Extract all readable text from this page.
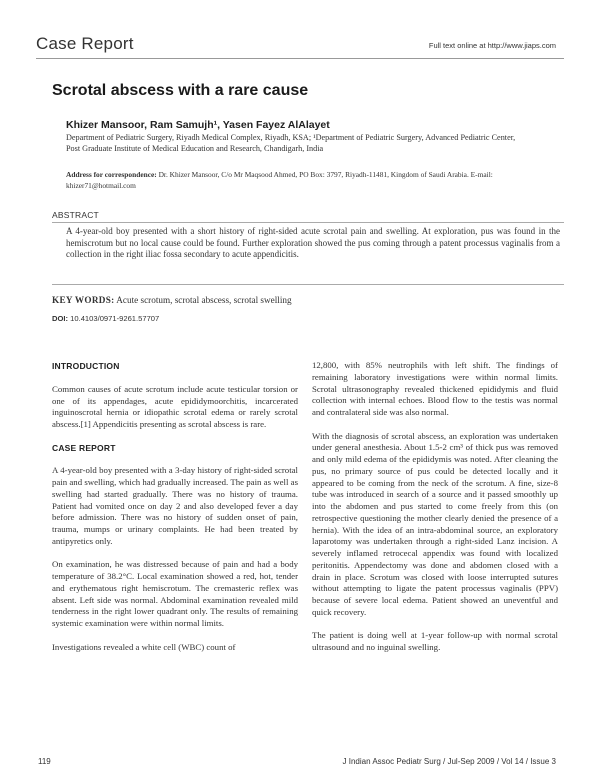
Case Report	Full text online at http://www.jiaps.com
Scrotal abscess with a rare cause
Khizer Mansoor, Ram Samujh¹, Yasen Fayez AlAlayet
Department of Pediatric Surgery, Riyadh Medical Complex, Riyadh, KSA; ¹Department of Pediatric Surgery, Advanced Pediatric Center, Post Graduate Institute of Medical Education and Research, Chandigarh, India
Address for correspondence: Dr. Khizer Mansoor, C/o Mr Maqsood Ahmed, PO Box: 3797, Riyadh-11481, Kingdom of Saudi Arabia. E-mail: khizer71@hotmail.com
ABSTRACT
A 4-year-old boy presented with a short history of right-sided acute scrotal pain and swelling. At exploration, pus was found in the hemiscrotum but no local cause could be found. Further exploration showed the pus coming through a patent processus vaginalis from a collection in the right iliac fossa secondary to acute appendicitis.
KEY WORDS: Acute scrotum, scrotal abscess, scrotal swelling
DOI: 10.4103/0971-9261.57707
INTRODUCTION

Common causes of acute scrotum include acute testicular torsion or one of its appendages, acute epididymoorchitis, incarcerated inguinoscrotal hernia or idiopathic scrotal edema or rarely scrotal abscess.[1] Appendicitis presenting as scrotal abscess is rare.

CASE REPORT

A 4-year-old boy presented with a 3-day history of right-sided scrotal pain and swelling, which had gradually increased. The pain as well as swelling had started gradually. There was no history of trauma. Patient had vomited once on day 2 and also developed fever a day before admission. There was no history of sudden onset of pain, trauma, mumps or urinary complaints. He had been treated by antipyretics only.

On examination, he was distressed because of pain and had a body temperature of 38.2°C. Local examination showed a red, hot, tender and erythematous right hemiscrotum. The cremasteric reflex was absent. Left side was normal. Abdominal examination revealed mild tenderness in the right lower quadrant only. The results of remaining systemic examination were within normal limits.

Investigations revealed a white cell (WBC) count of

12,800, with 85% neutrophils with left shift. The findings of remaining laboratory investigations were within normal limits. Scrotal ultrasonography revealed thickened epididymis and fluid collection with internal echoes. Blood flow to the testis was normal and contralateral side was also normal.

With the diagnosis of scrotal abscess, an exploration was undertaken under general anesthesia. About 1.5-2 cm³ of thick pus was removed and only mild edema of the epididymis was noted. After cleaning the pus, no primary source of pus could be detected locally and it appeared to be coming from the neck of the scrotum. A fine, size-8 tube was introduced in search of a source and it passed smoothly up into the abdomen and pus started to come freely from this (on retrospective questioning the mother clearly denied the presence of a hernia). With the idea of an intra-abdominal source, an exploratory laparotomy was undertaken through a right-sided Lanz incision. A severely inflamed retrocecal appendix was found with localized peritonitis. Appendectomy was done and abdomen closed with a drain in place. Scrotum was closed with loose interrupted sutures without attempting to ligate the patent processus vaginalis (PPV) because of severe local edema. Patient showed an uneventful and quick recovery.

The patient is doing well at 1-year follow-up with normal scrotal ultrasound and no inguinal swelling.

119	J Indian Assoc Pediatr Surg / Jul-Sep 2009 / Vol 14 / Issue 3
